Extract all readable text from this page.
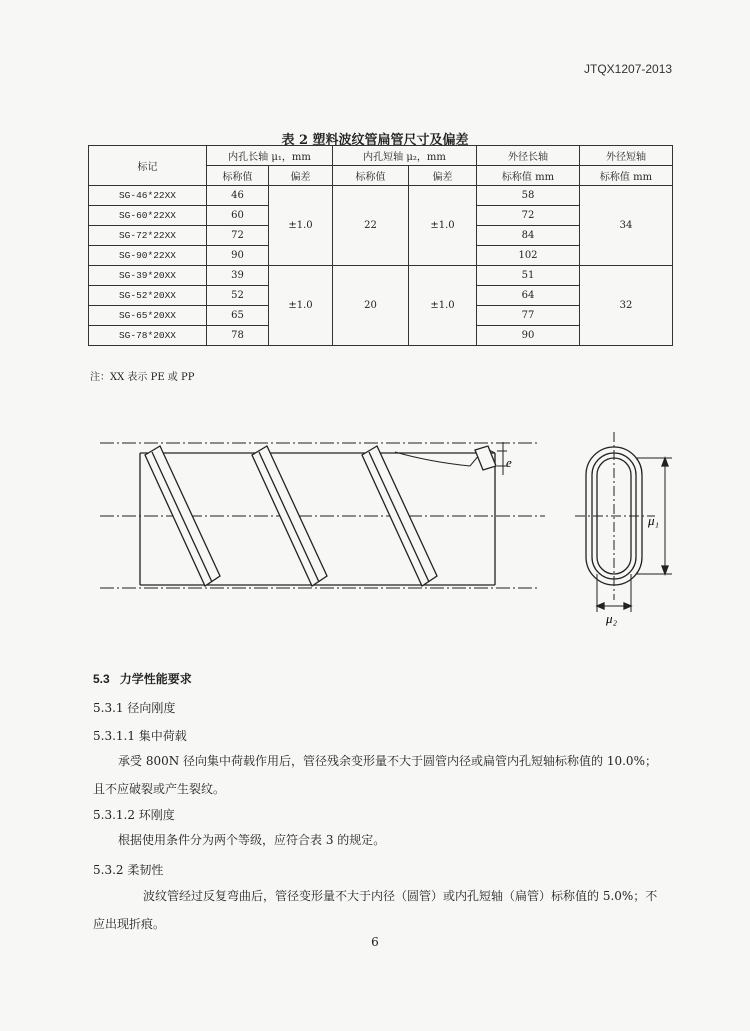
JTQX1207-2013
表 2 塑料波纹管扁管尺寸及偏差
标记	内孔长轴 μ₁，mm		内孔短轴 μ₂，mm		外径长轴	外径短轴
	标称值	偏差	标称值	偏差	标称值 mm	标称值 mm
SG-46*22XX	46	±1.0	22	±1.0	58	34
SG-60*22XX	60				72	
SG-72*22XX	72				84	
SG-90*22XX	90				102	
SG-39*20XX	39	±1.0	20	±1.0	51	32
SG-52*20XX	52				64	
SG-65*20XX	65				77	
SG-78*20XX	78				90	
注：XX 表示 PE 或 PP
e
μ₁
μ₂
5.3 力学性能要求
5.3.1 径向刚度
5.3.1.1 集中荷载
承受 800N 径向集中荷载作用后，管径残余变形量不大于圆管内径或扁管内孔短轴标称值的 10.0%；且不应破裂或产生裂纹。
5.3.1.2 环刚度
根据使用条件分为两个等级，应符合表 3 的规定。
5.3.2 柔韧性
波纹管经过反复弯曲后，管径变形量不大于内径（圆管）或内孔短轴（扁管）标称值的 5.0%；不应出现折痕。
6
